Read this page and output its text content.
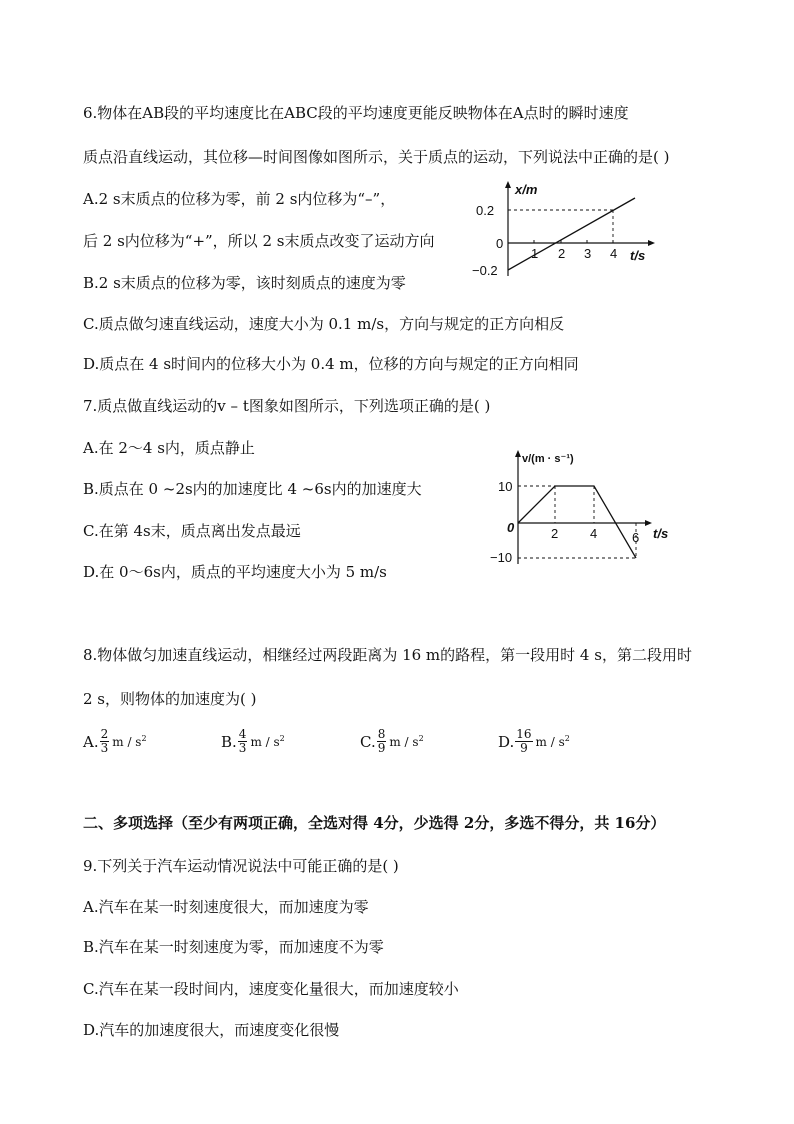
6.物体在AB段的平均速度比在ABC段的平均速度更能反映物体在A点时的瞬时速度
质点沿直线运动，其位移—时间图像如图所示，关于质点的运动，下列说法中正确的是( )
A.2 s末质点的位移为零，前 2 s内位移为“–”，
后 2 s内位移为“+”，所以 2 s末质点改变了运动方向
B.2 s末质点的位移为零，该时刻质点的速度为零
C.质点做匀速直线运动，速度大小为 0.1 m/s，方向与规定的正方向相反
D.质点在 4 s时间内的位移大小为 0.4 m，位移的方向与规定的正方向相同
x/m
0.2
0
−0.2
1 2 3 4 t/s
7.质点做直线运动的v – t图象如图所示，下列选项正确的是( )
A.在 2～4 s内，质点静止
B.质点在 0 ~2s内的加速度比 4 ~6s内的加速度大
C.在第 4s末，质点离出发点最远
D.在 0～6s内，质点的平均速度大小为 5 m/s
v/(m · s⁻¹)
10
0
−10
2 4	6 t/s
8.物体做匀加速直线运动，相继经过两段距离为 16 m的路程，第一段用时 4 s，第二段用时
2 s，则物体的加速度为( )
A. $\frac{2}{3}$ m / $s^2$	B. $\frac{4}{3}$ m / $s^2$	C. $\frac{8}{9}$ m / $s^2$	D. $\frac{16}{9}$ m / $s^2$
二、多项选择（至少有两项正确，全选对得 4分，少选得 2分，多选不得分，共 16分）
9.下列关于汽车运动情况说法中可能正确的是( )
A.汽车在某一时刻速度很大，而加速度为零
B.汽车在某一时刻速度为零，而加速度不为零
C.汽车在某一段时间内，速度变化量很大，而加速度较小
D.汽车的加速度很大，而速度变化很慢
